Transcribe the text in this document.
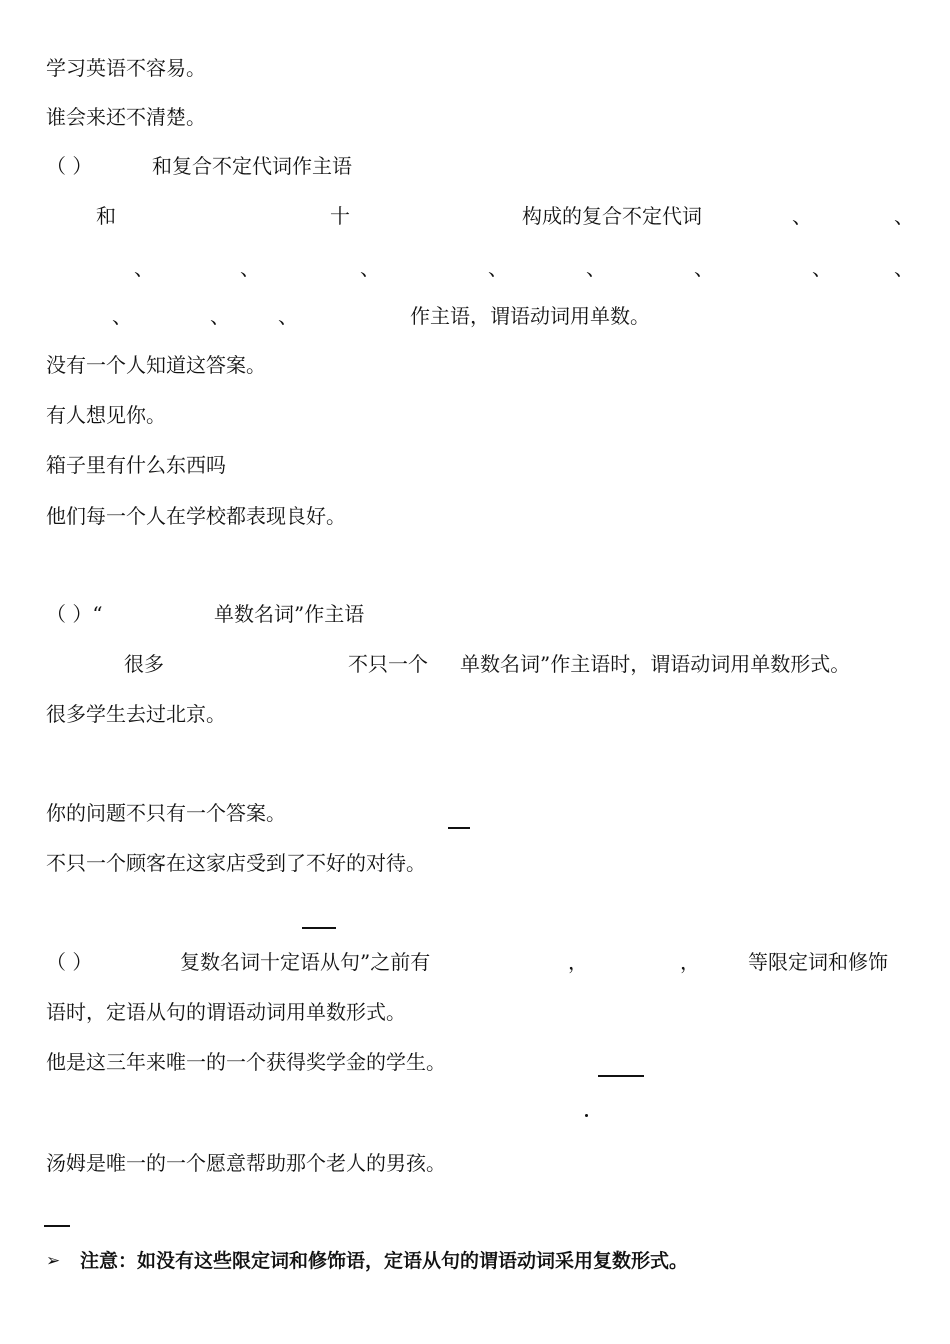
学习英语不容易。
谁会来还不清楚。
（ ）	和复合不定代词作主语
和	十	构成的复合不定代词	、	、
、	、	、	、	、	、	、	、
、	、 、	作主语，谓语动词用单数。
没有一个人知道这答案。
有人想见你。
箱子里有什么东西吗
他们每一个人在学校都表现良好。
（ ）“	单数名词”作主语
很多	不只一个 单数名词”作主语时，谓语动词用单数形式。
很多学生去过北京。
你的问题不只有一个答案。
不只一个顾客在这家店受到了不好的对待。
（ ）	复数名词十定语从句”之前有	，	， 等限定词和修饰
语时，定语从句的谓语动词用单数形式。
他是这三年来唯一的一个获得奖学金的学生。
汤姆是唯一的一个愿意帮助那个老人的男孩。
➢ 注意：如没有这些限定词和修饰语，定语从句的谓语动词采用复数形式。
